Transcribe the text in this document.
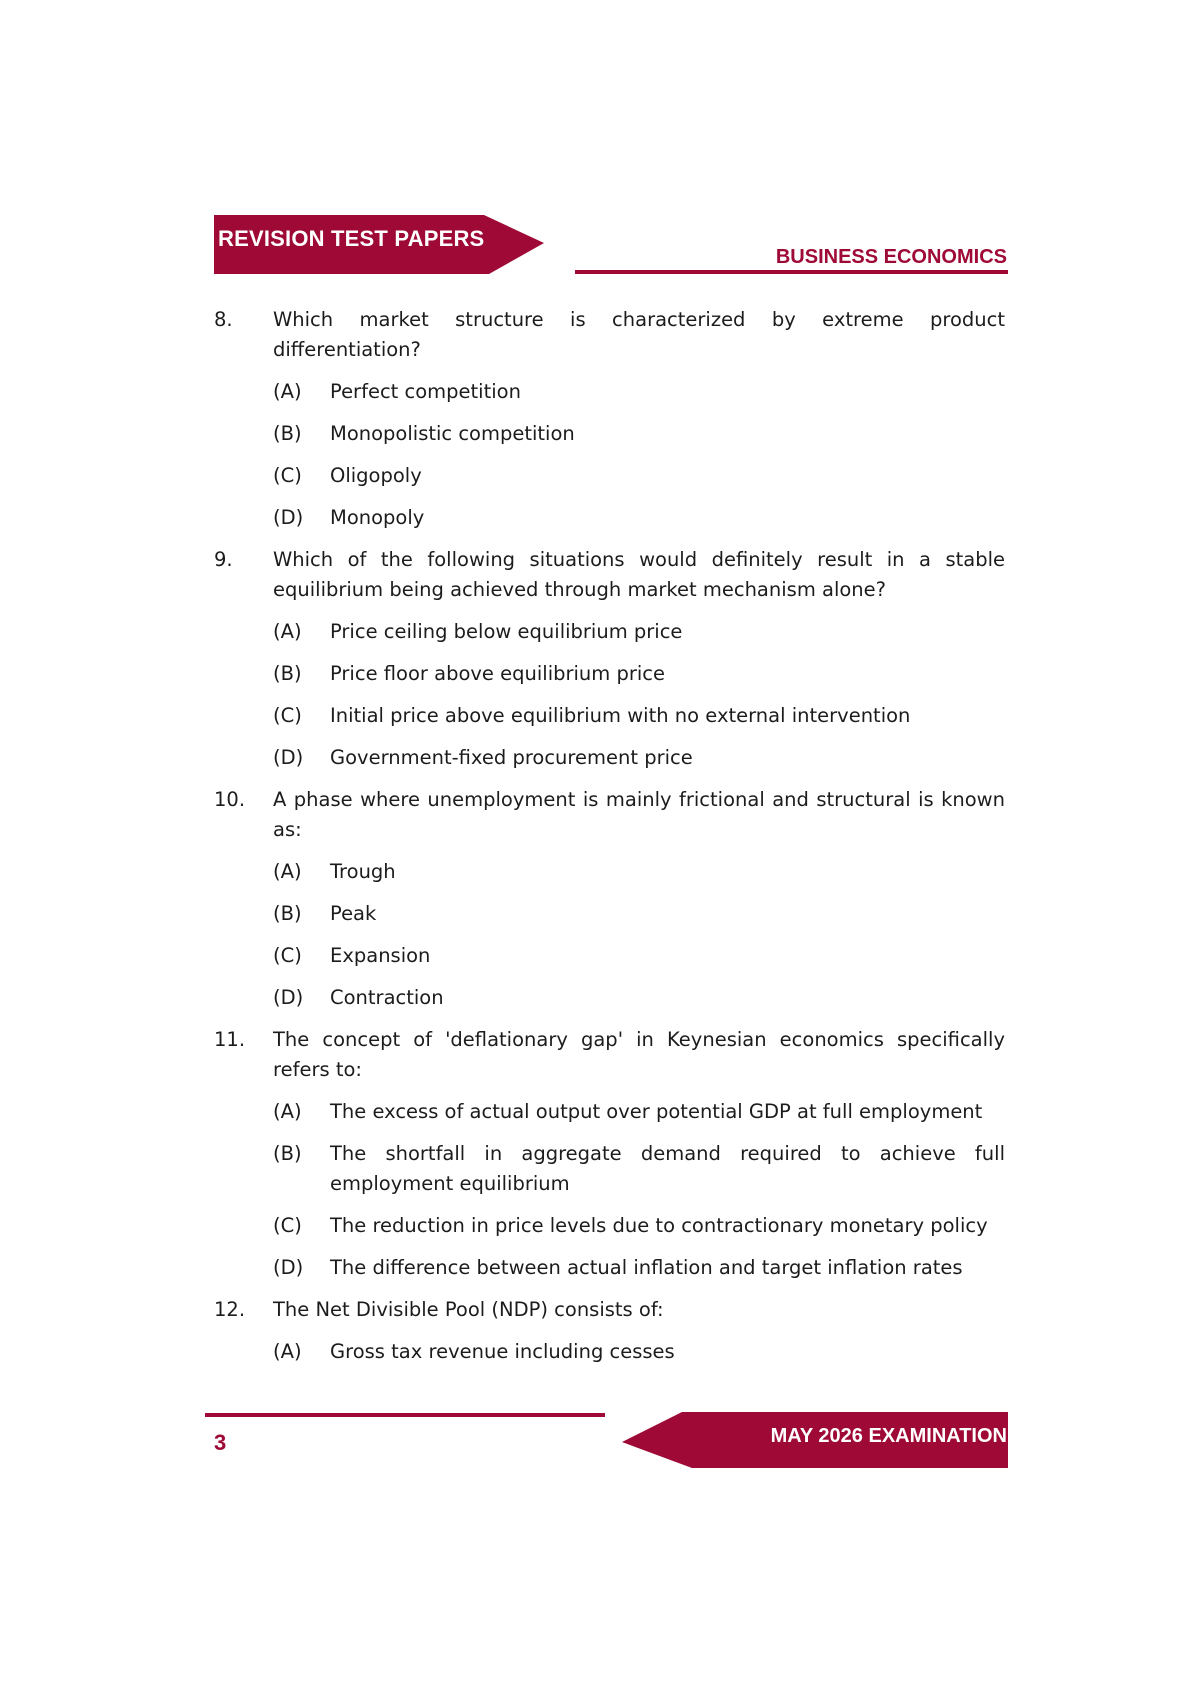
REVISION TEST PAPERS
BUSINESS ECONOMICS
8.	Which market structure is characterized by extreme product differentiation?
(A)	Perfect competition
(B)	Monopolistic competition
(C)	Oligopoly
(D)	Monopoly
9.	Which of the following situations would definitely result in a stable equilibrium being achieved through market mechanism alone?
(A)	Price ceiling below equilibrium price
(B)	Price floor above equilibrium price
(C)	Initial price above equilibrium with no external intervention
(D)	Government-fixed procurement price
10.	A phase where unemployment is mainly frictional and structural is known as:
(A)	Trough
(B)	Peak
(C)	Expansion
(D)	Contraction
11.	The concept of 'deflationary gap' in Keynesian economics specifically refers to:
(A)	The excess of actual output over potential GDP at full employment
(B)	The shortfall in aggregate demand required to achieve full employment equilibrium
(C)	The reduction in price levels due to contractionary monetary policy
(D)	The difference between actual inflation and target inflation rates
12.	The Net Divisible Pool (NDP) consists of:
(A)	Gross tax revenue including cesses
MAY 2026 EXAMINATION
3
